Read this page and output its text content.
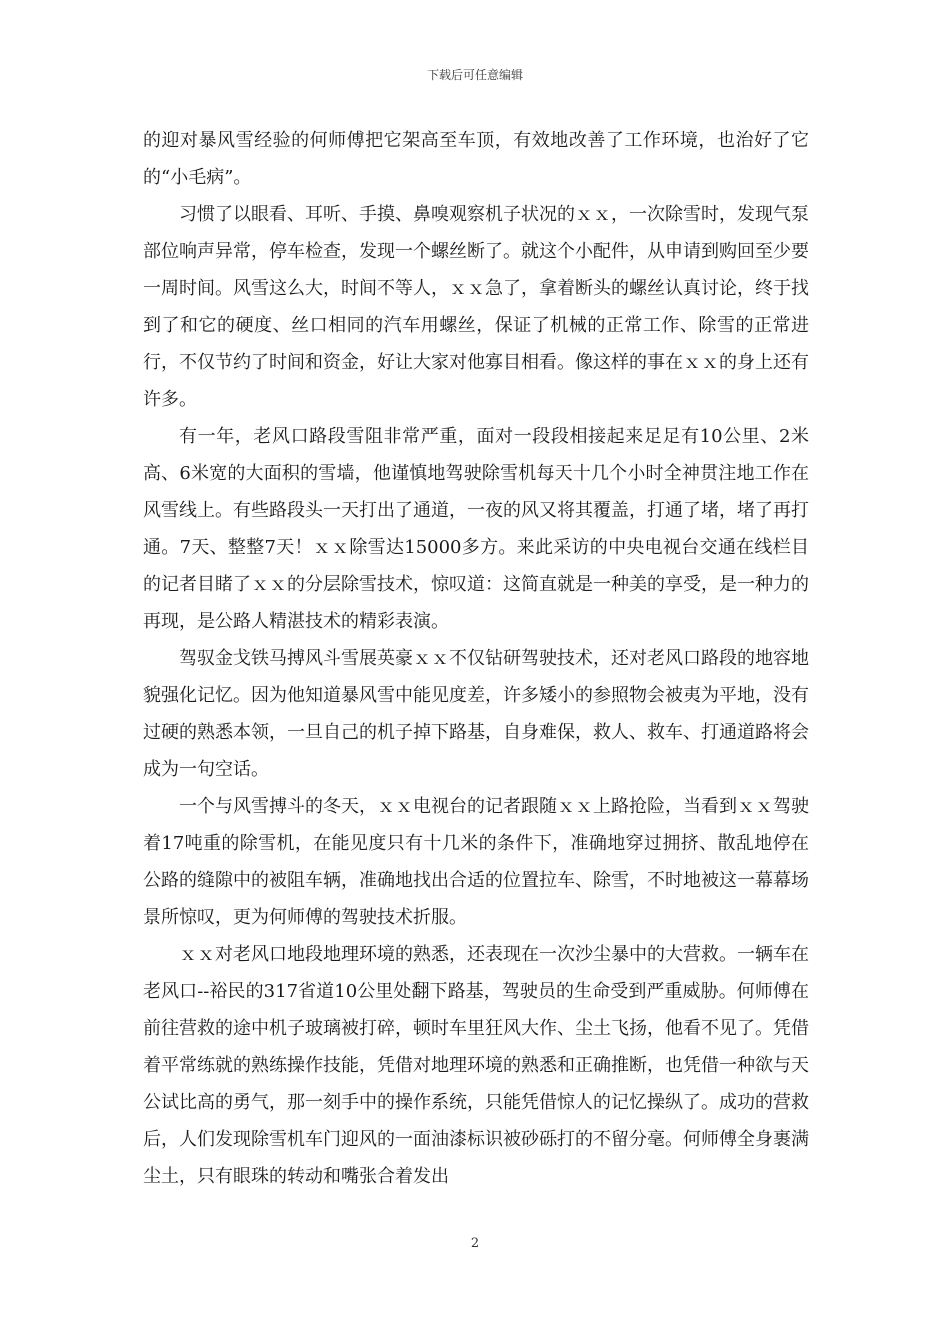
下载后可任意编辑

的迎对暴风雪经验的何师傅把它架高至车顶，有效地改善了工作环境，也治好了它的“小毛病”。

习惯了以眼看、耳听、手摸、鼻嗅观察机子状况的ｘｘ，一次除雪时，发现气泵部位响声异常，停车检查，发现一个螺丝断了。就这个小配件，从申请到购回至少要一周时间。风雪这么大，时间不等人，ｘｘ急了，拿着断头的螺丝认真讨论，终于找到了和它的硬度、丝口相同的汽车用螺丝，保证了机械的正常工作、除雪的正常进行，不仅节约了时间和资金，好让大家对他寡目相看。像这样的事在ｘｘ的身上还有许多。

有一年，老风口路段雪阻非常严重，面对一段段相接起来足足有10公里、2米高、6米宽的大面积的雪墙，他谨慎地驾驶除雪机每天十几个小时全神贯注地工作在风雪线上。有些路段头一天打出了通道，一夜的风又将其覆盖，打通了堵，堵了再打通。7天、整整7天！ｘｘ除雪达15000多方。来此采访的中央电视台交通在线栏目的记者目睹了ｘｘ的分层除雪技术，惊叹道：这简直就是一种美的享受，是一种力的再现，是公路人精湛技术的精彩表演。

驾驭金戈铁马搏风斗雪展英豪ｘｘ不仅钻研驾驶技术，还对老风口路段的地容地貌强化记忆。因为他知道暴风雪中能见度差，许多矮小的参照物会被夷为平地，没有过硬的熟悉本领，一旦自己的机子掉下路基，自身难保，救人、救车、打通道路将会成为一句空话。

一个与风雪搏斗的冬天，ｘｘ电视台的记者跟随ｘｘ上路抢险，当看到ｘｘ驾驶着17吨重的除雪机，在能见度只有十几米的条件下，准确地穿过拥挤、散乱地停在公路的缝隙中的被阻车辆，准确地找出合适的位置拉车、除雪，不时地被这一幕幕场景所惊叹，更为何师傅的驾驶技术折服。

ｘｘ对老风口地段地理环境的熟悉，还表现在一次沙尘暴中的大营救。一辆车在老风口--裕民的317省道10公里处翻下路基，驾驶员的生命受到严重威胁。何师傅在前往营救的途中机子玻璃被打碎，顿时车里狂风大作、尘土飞扬，他看不见了。凭借着平常练就的熟练操作技能，凭借对地理环境的熟悉和正确推断，也凭借一种欲与天公试比高的勇气，那一刻手中的操作系统，只能凭借惊人的记忆操纵了。成功的营救后，人们发现除雪机车门迎风的一面油漆标识被砂砾打的不留分毫。何师傅全身裹满尘土，只有眼珠的转动和嘴张合着发出

2
